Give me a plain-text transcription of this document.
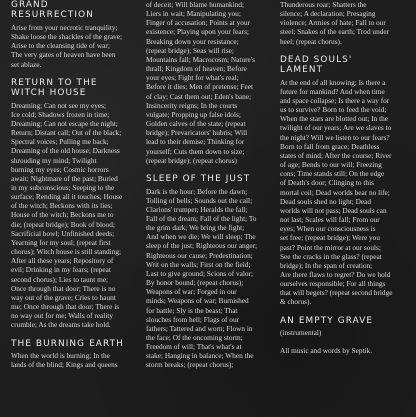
GRAND
RESURRECTION

Arise from your necrotic tranquility;
Shake loose the shackles of the grave;
Arise to the cleansing tide of war;
The very gates of heaven have been
set ablaze.

RETURN TO THE
WITCH HOUSE

Dreaming; Can not see my eyes;
Ice cold; Shadows frozen in time;
Dreaming; Can not escape the night;
Return; Distant call; Out of the black;
Spectral voices; Pulling me back;
Dreaming of the old house; Darkness
shrouding my mind; Twilight
burning my eyes; Cosmic horrors
await; Nightmare of the past; Buried
in my subconscious; Seeping to the
surface; Rending all it touches; House
of the witch; Beckons with its lies;
House of the witch; Beckons me to
die; (repeat bridge); Book of blood;
Sacrificial bowl; Unfinished deeds;
Yearning for my soul; (repeat first
chorus); Witch house is still standing;
After all these years; Repository of
evil; Drinking in my fears; (repeat
second chorus); Lies to taunt me;
Once through that door; There is no
way out of the grave; Cries to haunt
me; Once through that door; There is
no way out for me; Walls of reality
crumble; As the dreams take hold.

THE BURNING EARTH

When the world is burning; In the
lands of the blind; Kings and queens

of deceit; Will blame humankind;
Liers in wait; Manipulating you;
Finger of accusation; Points at your
existence; Playing upon your fears;
Breaking down your resistance;
(repeat bridge); Seas will rise;
Mountains fall; Macrocosm; Nature's
thrall; Kingdom of heaven; Before
your eyes; Fight for what's real;
Before it dies; Men of pretense; Feet
of clay; Cast them out; Eden's bane;
Insincerity reigns; In the courts
vulgate; Propping up false idols;
Golden calves of the state; (repeat
bridge); Prevaricators' hubris; Will
lead to their demise; Thinking for
yourself; Cuts them down to size;
(repeat bridge); (repeat chorus)

SLEEP OF THE JUST

Dark is the hour; Before the dawn;
Tolling of bells; Sounds out the call;
Clarions' trumpet; Heralds the fall;
Fall of the dream; Fall of the light; To
the grim dark; We bring the fight;
And when we die; We will sleep; The
sleep of the just; Righteous our anger;
Righteous our cause; Predestination;
Writ on the walls; First on the field;
Last to give ground; Scions of valor;
By honor bound; (repeat chorus);
Weapons of war; Forged in our
minds; Weapons of war; Burnished
for battle; Sly is the beast; That
slouches from hell; Flags of our
fathers; Tattered and worn; Flown in
the face; Of the oncoming storm;
Freedom of will; That's what's at
stake; Hanging in balance; When the
storm breaks; (repeat chorus);

Thunderous roar; Shatters the
silence; A declaration; Presaging
violence; Armies of hate; Fall to our
steel; Snakes of the earth; Trod under
heel; (repeat chorus).

DEAD SOULS'
LAMENT

At the end of all knowing; Is there a
future for mankind? And when time
and space collapse; Is there a way for
us to survive? Born to feed the void;
When the stars are blotted out; In the
twilight of our years; Are we slaves to
the night? Will we listen to our fears?
Born to fall from grace; Deathless
states of mind; After the course; River
of age; Bends to our will; Freezing
cons; Time stands still; On the edge
of Death's door; Clinging to this
mortal coil; Dead worlds bear no life;
Dead souls shed no light; Dead
worlds will not pass; Dead souls can
not last; Scales will fall; From our
eyes; When our consciousness is
set free; (repeat bridge); Were you
past? Point the mirror at our souls;
See the cracks in the glass? (repeat
bridge); In the span of creation;
Are there flaws to regret? Do we hold
ourselves responsible; For all things
that will begets? (repeat second bridge
& chorus).

AN EMPTY GRAVE

(instrumental)

All music and words by Septik.
